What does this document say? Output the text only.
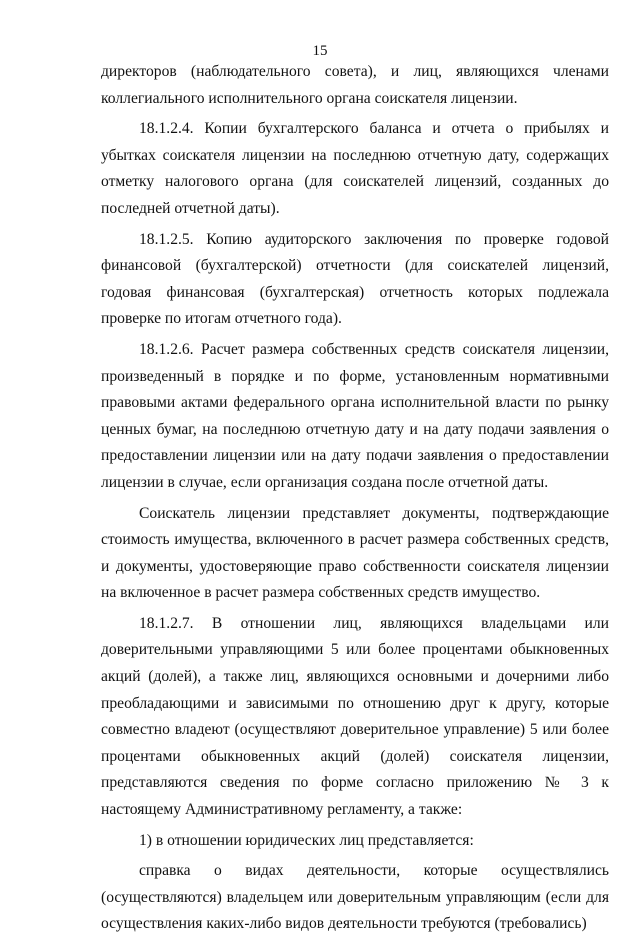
15

директоров (наблюдательного совета), и лиц, являющихся членами коллегиального исполнительного органа соискателя лицензии.

18.1.2.4. Копии бухгалтерского баланса и отчета о прибылях и убытках соискателя лицензии на последнюю отчетную дату, содержащих отметку налогового органа (для соискателей лицензий, созданных до последней отчетной даты).

18.1.2.5. Копию аудиторского заключения по проверке годовой финансовой (бухгалтерской) отчетности (для соискателей лицензий, годовая финансовая (бухгалтерская) отчетность которых подлежала проверке по итогам отчетного года).

18.1.2.6. Расчет размера собственных средств соискателя лицензии, произведенный в порядке и по форме, установленным нормативными правовыми актами федерального органа исполнительной власти по рынку ценных бумаг, на последнюю отчетную дату и на дату подачи заявления о предоставлении лицензии или на дату подачи заявления о предоставлении лицензии в случае, если организация создана после отчетной даты.

Соискатель лицензии представляет документы, подтверждающие стоимость имущества, включенного в расчет размера собственных средств, и документы, удостоверяющие право собственности соискателя лицензии на включенное в расчет размера собственных средств имущество.

18.1.2.7. В отношении лиц, являющихся владельцами или доверительными управляющими 5 или более процентами обыкновенных акций (долей), а также лиц, являющихся основными и дочерними либо преобладающими и зависимыми по отношению друг к другу, которые совместно владеют (осуществляют доверительное управление) 5 или более процентами обыкновенных акций (долей) соискателя лицензии, представляются сведения по форме согласно приложению № 3 к настоящему Административному регламенту, а также:

1) в отношении юридических лиц представляется:

справка о видах деятельности, которые осуществлялись (осуществляются) владельцем или доверительным управляющим (если для осуществления каких-либо видов деятельности требуются (требовались)
